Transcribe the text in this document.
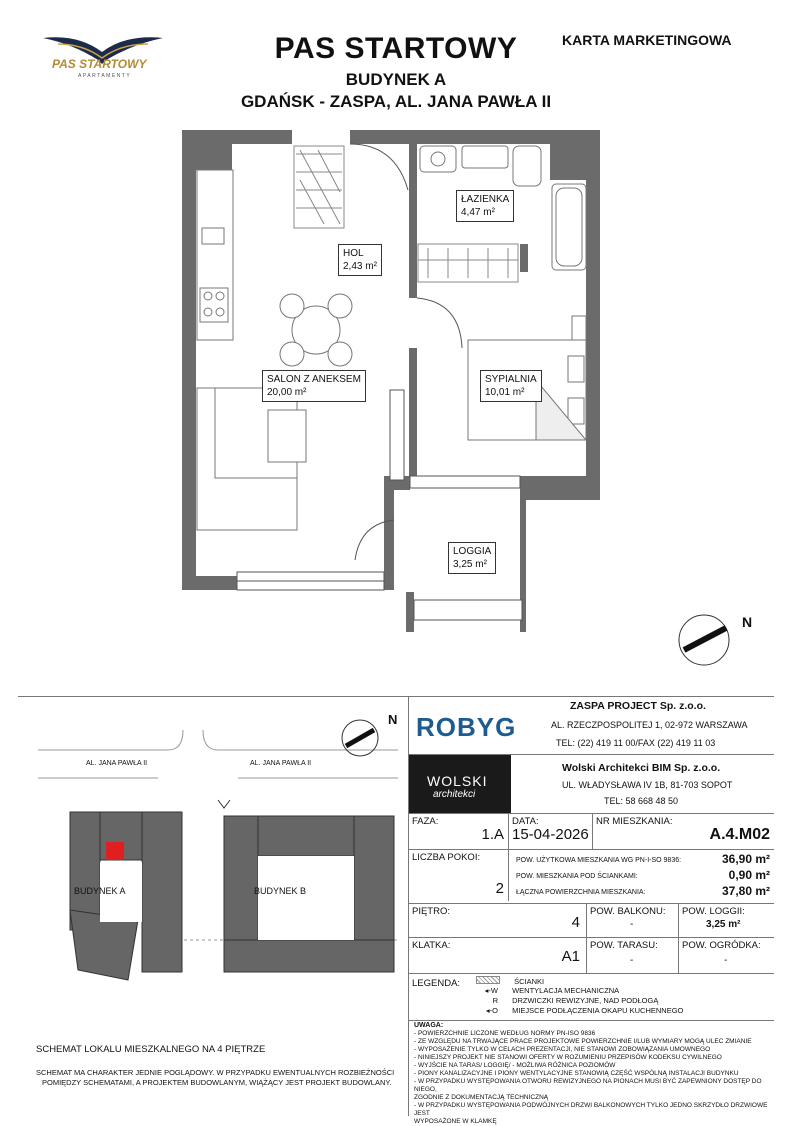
PAS STARTOWY
APARTAMENTY
PAS STARTOWY
BUDYNEK A
GDAŃSK - ZASPA, AL. JANA PAWŁA II
KARTA MARKETINGOWA
ŁAZIENKA
4,47 m²
HOL
2,43 m²
SALON Z ANEKSEM
20,00 m²
SYPIALNIA
10,01 m²
LOGGIA
3,25 m²
N
AL. JANA PAWŁA II	AL. JANA PAWŁA II
BUDYNEK A	BUDYNEK B
N
SCHEMAT LOKALU MIESZKALNEGO NA 4 PIĘTRZE
SCHEMAT MA CHARAKTER JEDNIE POGLĄDOWY. W PRZYPADKU EWENTUALNYCH ROZBIEŻNOŚCI
POMIĘDZY SCHEMATAMI, A PROJEKTEM BUDOWLANYM, WIĄŻĄCY JEST PROJEKT BUDOWLANY.
ROBYG
ZASPA PROJECT Sp. z.o.o.
AL. RZECZPOSPOLITEJ 1, 02-972 WARSZAWA
TEL: (22) 419 11 00/FAX (22) 419 11 03
WOLSKI
architekci
Wolski Architekci BIM Sp. z.o.o.
UL. WŁADYSŁAWA IV 1B, 81-703 SOPOT
TEL: 58 668 48 50
FAZA:
1.A
DATA:
15-04-2026
NR MIESZKANIA:
A.4.M02
LICZBA POKOI:
2
POW. UŻYTKOWA MIESZKANIA WG PN-I-SO 9836:	36,90 m²
POW. MIESZKANIA POD ŚCIANKAMI:	0,90 m²
ŁĄCZNA POWIERZCHNIA MIESZKANIA:	37,80 m²
PIĘTRO:
4
POW. BALKONU:
-
POW. LOGGII:
3,25 m²
KLATKA:
A1
POW. TARASU:
-
POW. OGRÓDKA:
-
LEGENDA:	ŚCIANKI
◂-W WENTYLACJA MECHANICZNA
R DRZWICZKI REWIZYJNE, NAD PODŁOGĄ
◂-O MIEJSCE PODŁĄCZENIA OKAPU KUCHENNEGO
UWAGA:
- POWIERZCHNIE LICZONE WEDŁUG NORMY PN-ISO 9836
- ZE WZGLĘDU NA TRWAJĄCE PRACE PROJEKTOWE POWIERZCHNIE I/LUB WYMIARY MOGĄ ULEC ZMIANIE
- WYPOSAŻENIE TYLKO W CELACH PREZENTACJI, NIE STANOWI ZOBOWIĄZANIA UMOWNEGO
- NINIEJSZY PROJEKT NIE STANOWI OFERTY W ROZUMIENIU PRZEPISÓW KODEKSU CYWILNEGO
- WYJŚCIE NA TARAS/ LOGGIĘ/ - MOŻLIWA RÓŻNICA POZIOMÓW
- PIONY KANALIZACYJNE I PIONY WENTYLACYJNE STANOWIĄ CZĘŚĆ WSPÓLNĄ INSTALACJI BUDYNKU
- W PRZYPADKU WYSTĘPOWANIA OTWORU REWIZYJNEGO NA PIONACH MUSI BYĆ ZAPEWNIONY DOSTĘP DO NIEGO,
ZGODNIE Z DOKUMENTACJĄ TECHNICZNĄ
- W PRZYPADKU WYSTĘPOWANIA PODWÓJNYCH DRZWI BALKONOWYCH TYLKO JEDNO SKRZYDŁO DRZWIOWE JEST
WYPOSAŻONE W KLAMKĘ
